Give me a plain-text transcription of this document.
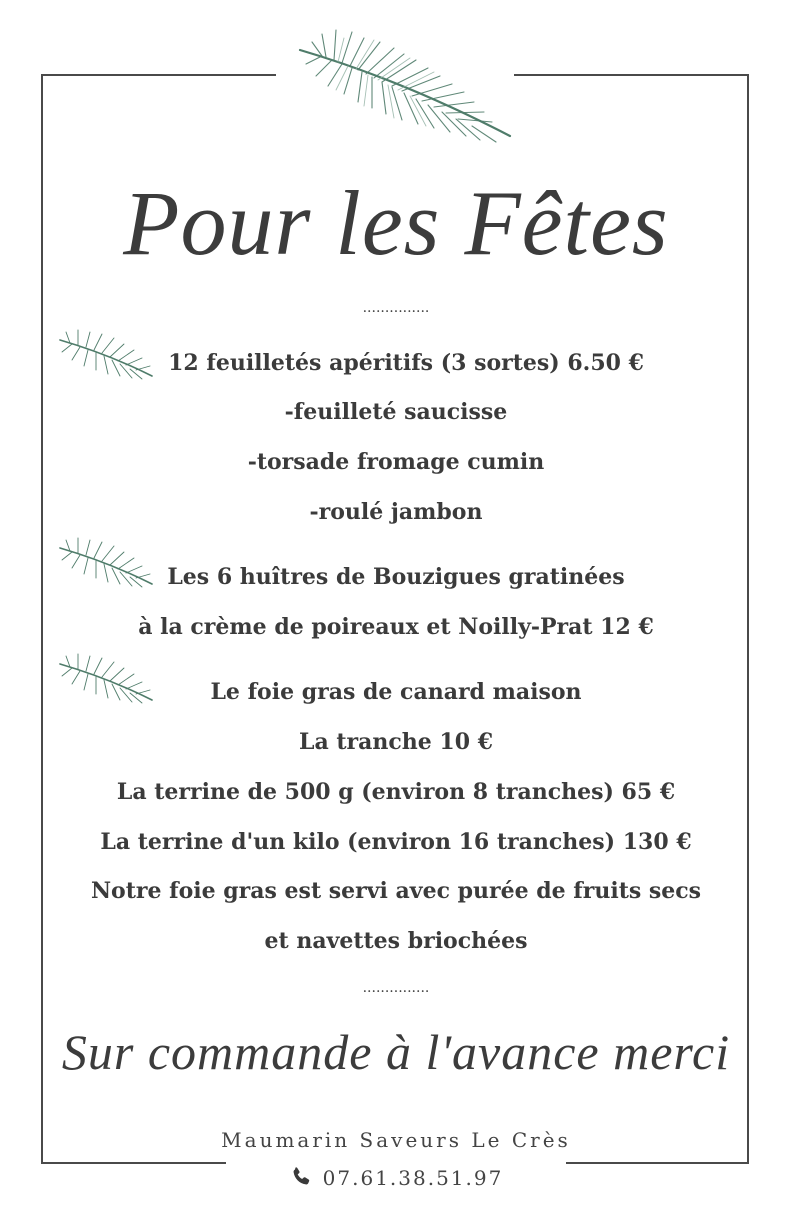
Pour les Fêtes
...............
12 feuilletés apéritifs (3 sortes) 6.50 €
-feuilleté saucisse
-torsade fromage cumin
-roulé jambon
Les 6 huîtres de Bouzigues gratinées
à la crème de poireaux et Noilly-Prat 12 €
Le foie gras de canard maison
La tranche 10 €
La terrine de 500 g (environ 8 tranches) 65 €
La terrine d'un kilo (environ 16 tranches) 130 €
Notre foie gras est servi avec purée de fruits secs
et navettes briochées
...............
Sur commande à l'avance merci
Maumarin Saveurs Le Crès
07.61.38.51.97
